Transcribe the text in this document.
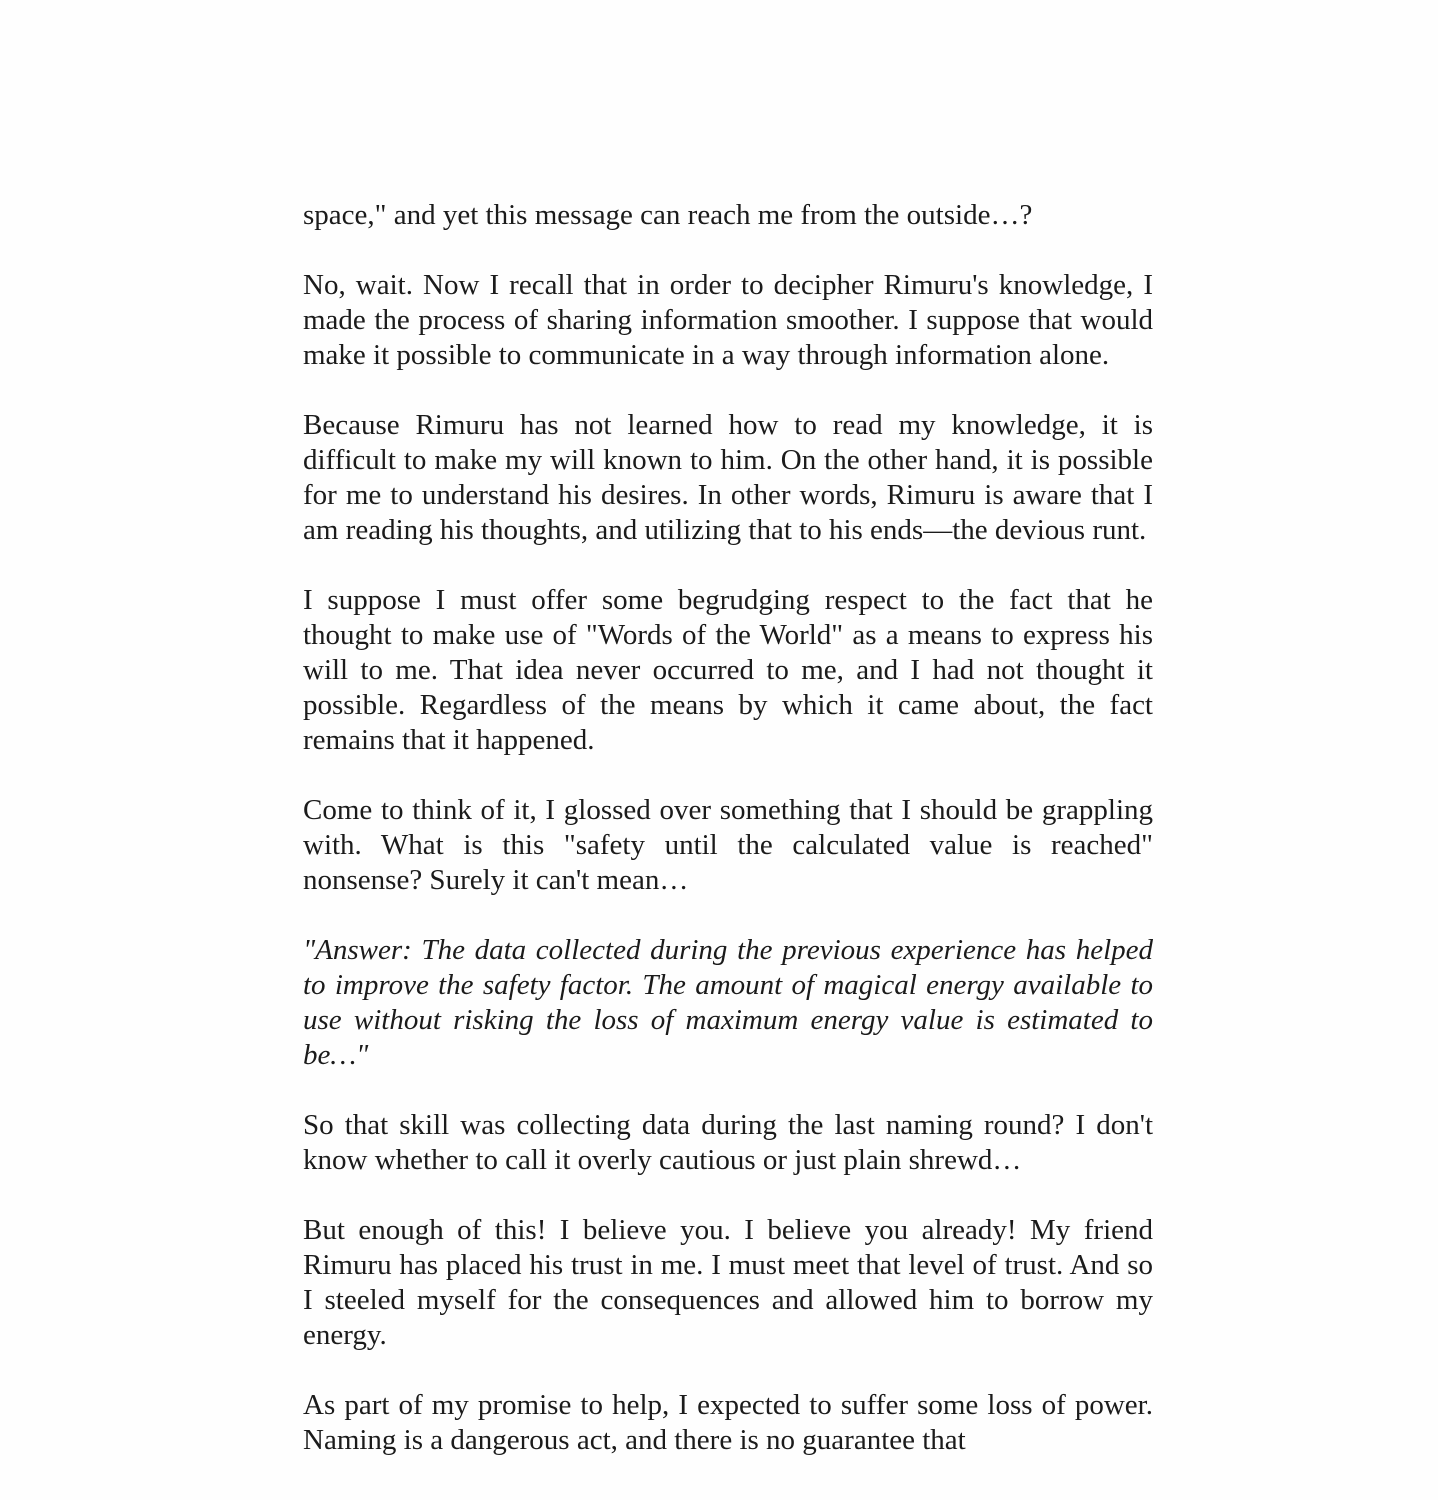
space," and yet this message can reach me from the outside…?

No, wait. Now I recall that in order to decipher Rimuru's knowledge, I made the process of sharing information smoother. I suppose that would make it possible to communicate in a way through information alone.

Because Rimuru has not learned how to read my knowledge, it is difficult to make my will known to him. On the other hand, it is possible for me to understand his desires. In other words, Rimuru is aware that I am reading his thoughts, and utilizing that to his ends—the devious runt.

I suppose I must offer some begrudging respect to the fact that he thought to make use of "Words of the World" as a means to express his will to me. That idea never occurred to me, and I had not thought it possible. Regardless of the means by which it came about, the fact remains that it happened.

Come to think of it, I glossed over something that I should be grappling with. What is this "safety until the calculated value is reached" nonsense? Surely it can't mean…

"Answer: The data collected during the previous experience has helped to improve the safety factor. The amount of magical energy available to use without risking the loss of maximum energy value is estimated to be…"

So that skill was collecting data during the last naming round? I don't know whether to call it overly cautious or just plain shrewd…

But enough of this! I believe you. I believe you already! My friend Rimuru has placed his trust in me. I must meet that level of trust. And so I steeled myself for the consequences and allowed him to borrow my energy.

As part of my promise to help, I expected to suffer some loss of power. Naming is a dangerous act, and there is no guarantee that
